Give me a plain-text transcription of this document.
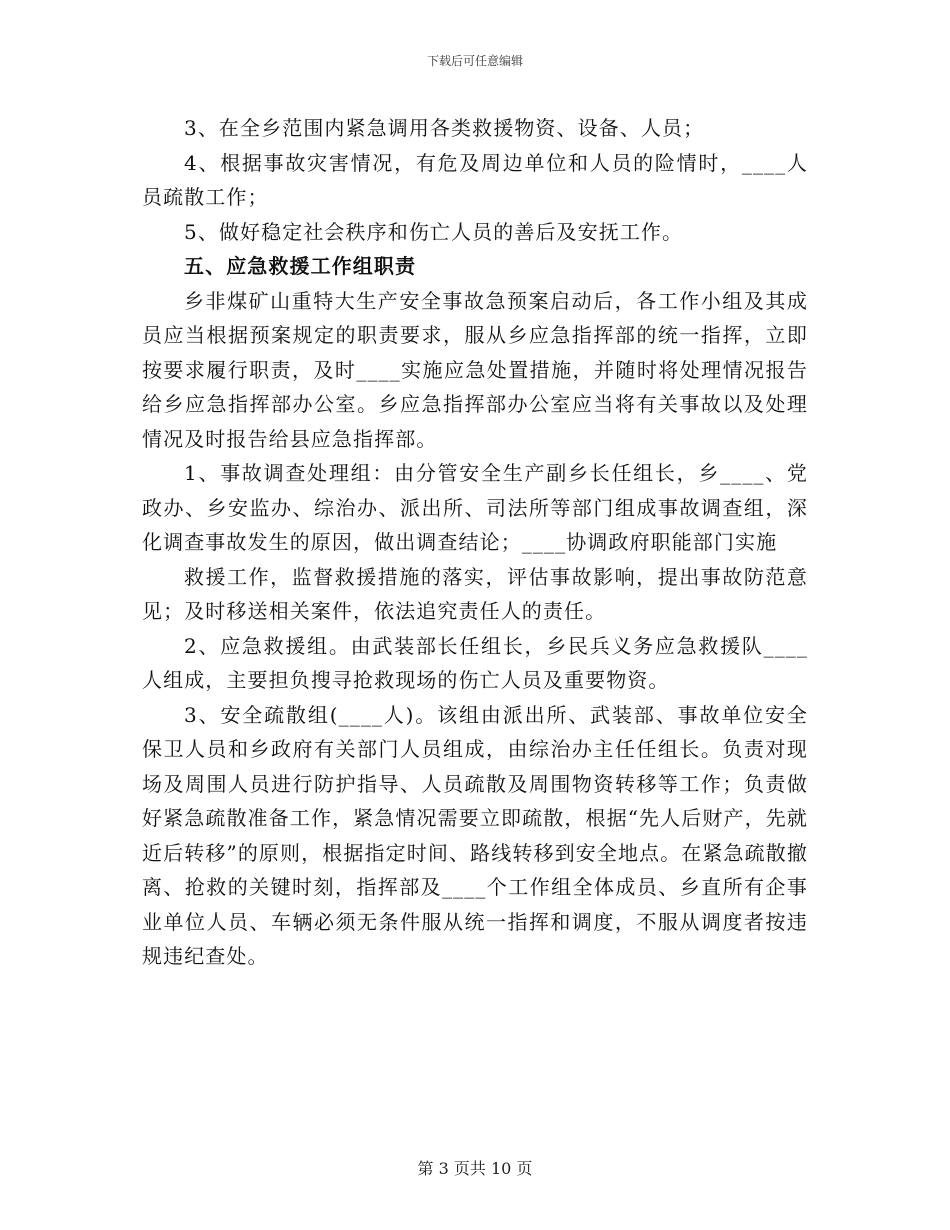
下载后可任意编辑

3、在全乡范围内紧急调用各类救援物资、设备、人员；

4、根据事故灾害情况，有危及周边单位和人员的险情时，____人员疏散工作；

5、做好稳定社会秩序和伤亡人员的善后及安抚工作。

五、应急救援工作组职责

乡非煤矿山重特大生产安全事故急预案启动后，各工作小组及其成员应当根据预案规定的职责要求，服从乡应急指挥部的统一指挥，立即按要求履行职责，及时____实施应急处置措施，并随时将处理情况报告给乡应急指挥部办公室。乡应急指挥部办公室应当将有关事故以及处理情况及时报告给县应急指挥部。

1、事故调查处理组：由分管安全生产副乡长任组长，乡____、党政办、乡安监办、综治办、派出所、司法所等部门组成事故调查组，深化调查事故发生的原因，做出调查结论；____协调政府职能部门实施

救援工作，监督救援措施的落实，评估事故影响，提出事故防范意见；及时移送相关案件，依法追究责任人的责任。

2、应急救援组。由武装部长任组长，乡民兵义务应急救援队____人组成，主要担负搜寻抢救现场的伤亡人员及重要物资。

3、安全疏散组(____人)。该组由派出所、武装部、事故单位安全保卫人员和乡政府有关部门人员组成，由综治办主任任组长。负责对现场及周围人员进行防护指导、人员疏散及周围物资转移等工作；负责做好紧急疏散准备工作，紧急情况需要立即疏散，根据“先人后财产，先就近后转移”的原则，根据指定时间、路线转移到安全地点。在紧急疏散撤离、抢救的关键时刻，指挥部及____个工作组全体成员、乡直所有企事业单位人员、车辆必须无条件服从统一指挥和调度，不服从调度者按违规违纪查处。

第 3 页共 10 页
